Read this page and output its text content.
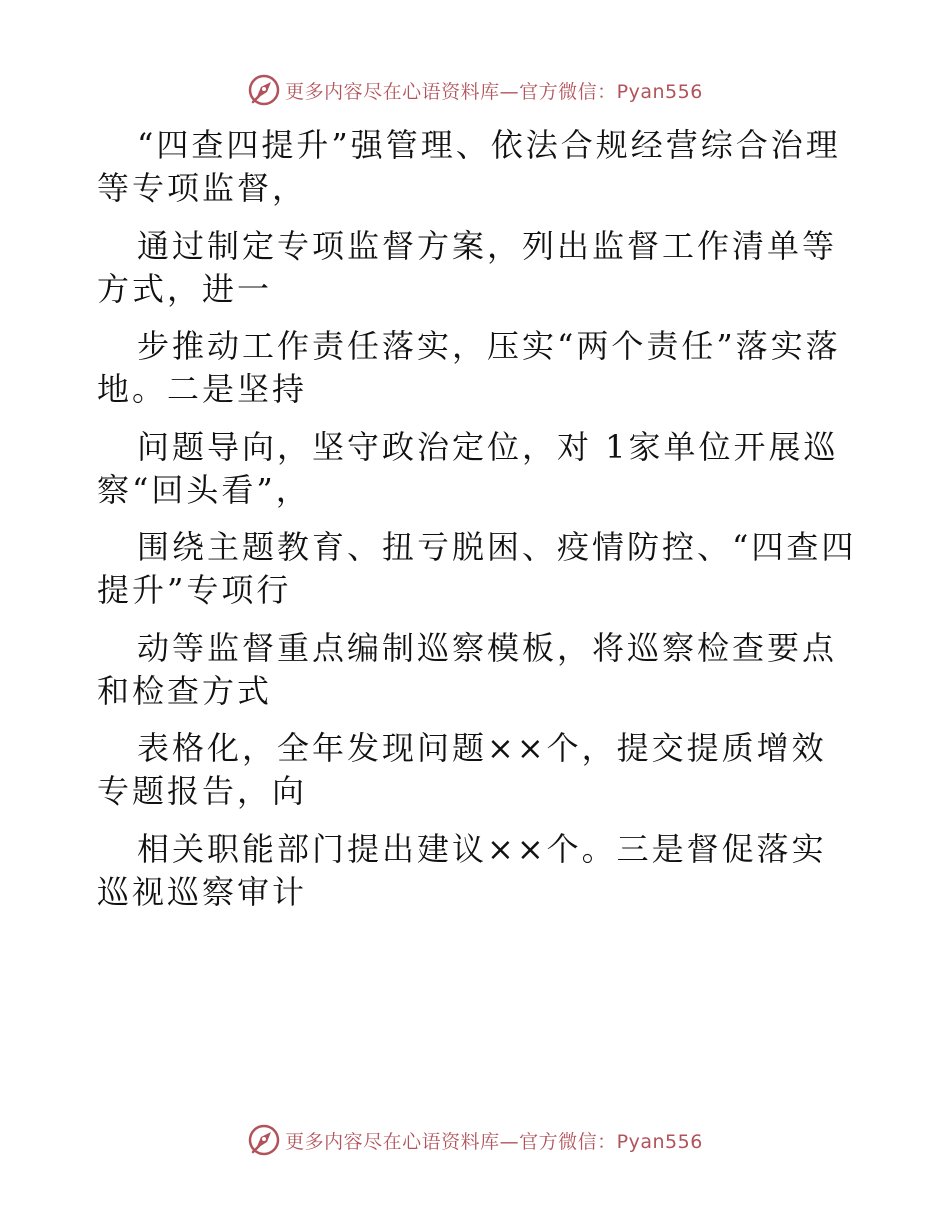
更多内容尽在心语资料库—官方微信：Pyan556

“四查四提升”强管理、依法合规经营综合治理等专项监督，

通过制定专项监督方案，列出监督工作清单等方式，进一

步推动工作责任落实，压实“两个责任”落实落地。二是坚持

问题导向，坚守政治定位，对 1家单位开展巡察“回头看”，

围绕主题教育、扭亏脱困、疫情防控、“四查四提升”专项行

动等监督重点编制巡察模板，将巡察检查要点和检查方式

表格化，全年发现问题××个，提交提质增效专题报告，向

相关职能部门提出建议××个。三是督促落实巡视巡察审计

更多内容尽在心语资料库—官方微信：Pyan556
